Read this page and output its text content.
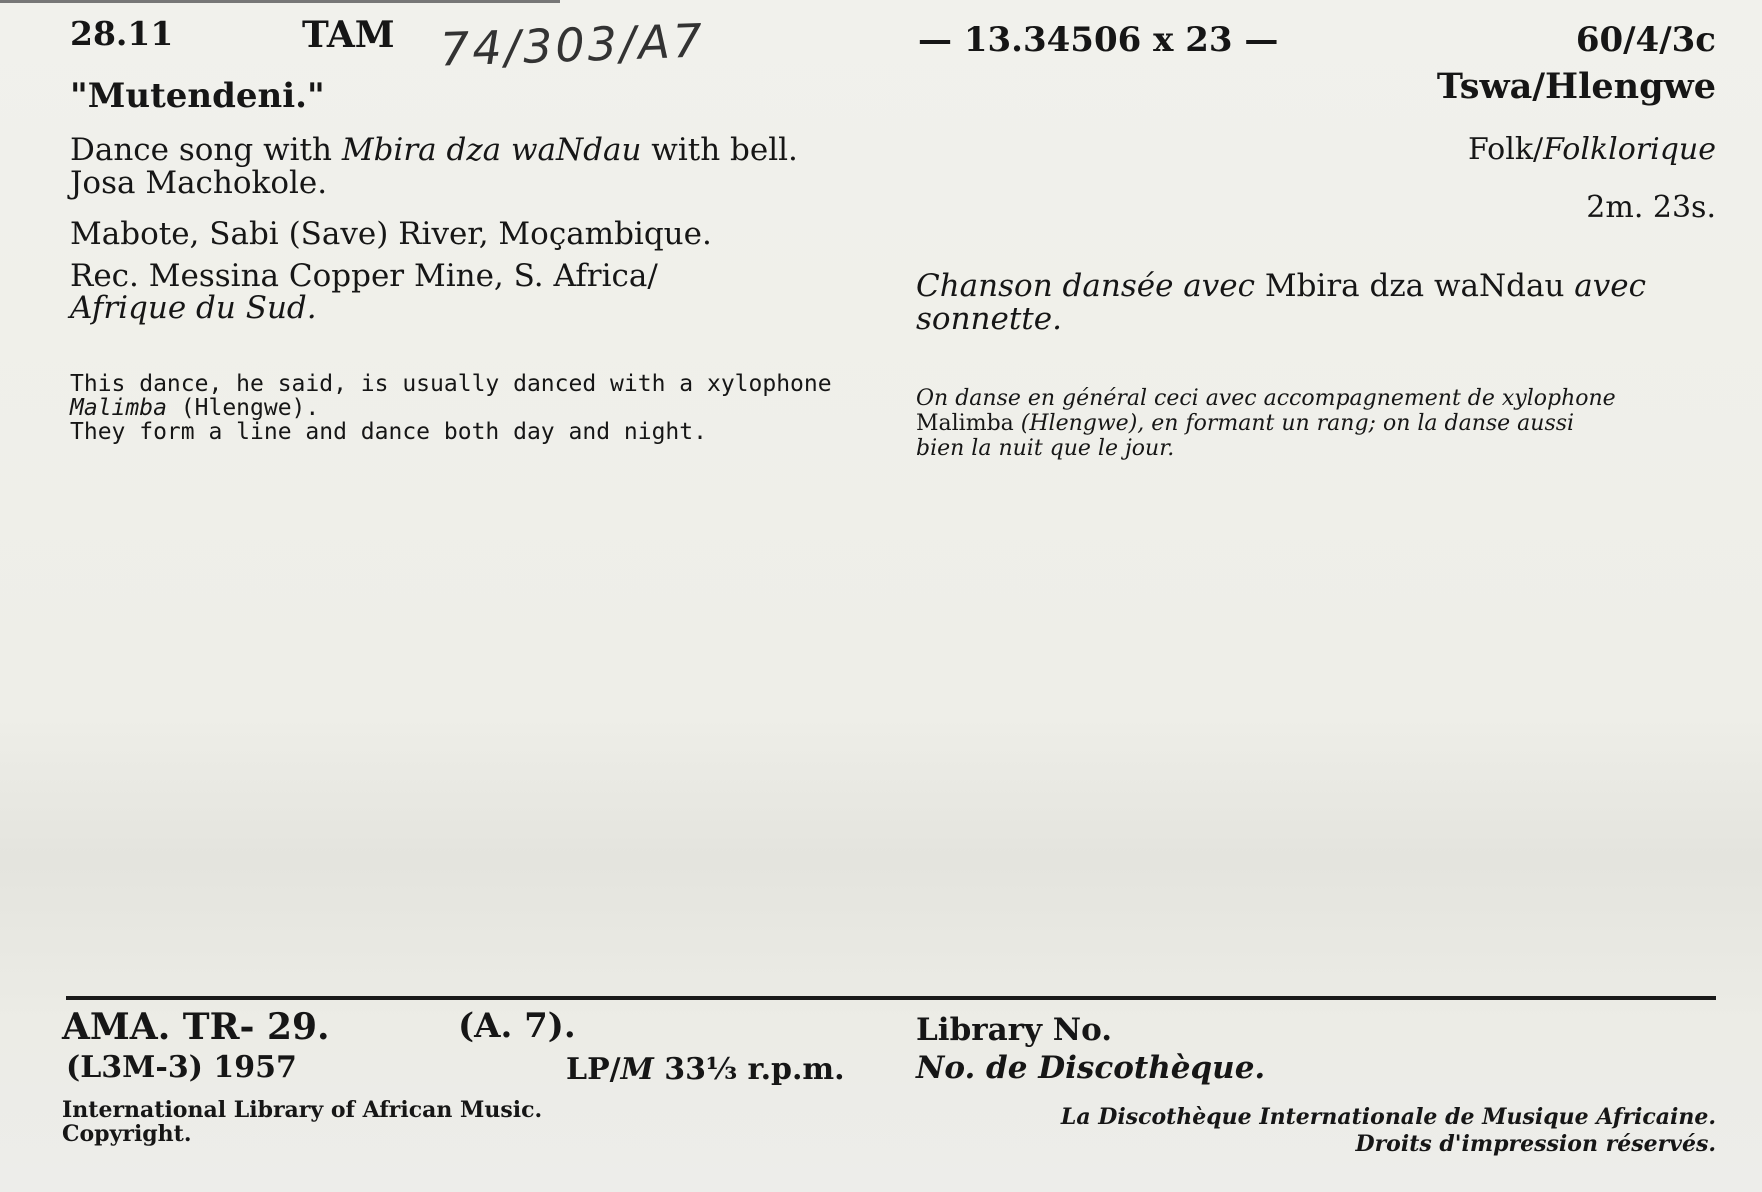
28.11	TAM 74/303/A7	— 13.34506 x 23 —	60/4/3c
"Mutendeni."	Tswa/Hlengwe
Dance song with Mbira dza waNdau with bell.
Josa Machokole.
Folk/Folklorique
2m. 23s.
Mabote, Sabi (Save) River, Moçambique.
Rec. Messina Copper Mine, S. Africa/
Afrique du Sud.
Chanson dansée avec Mbira dza waNdau avec
sonnette.
This dance, he said, is usually danced with a xylophone
Malimba (Hlengwe).
They form a line and dance both day and night.
On danse en général ceci avec accompagnement de xylophone
Malimba (Hlengwe), en formant un rang; on la danse aussi
bien la nuit que le jour.
AMA. TR- 29.	(A. 7).
(L3M-3) 1957	LP/M 33⅓ r.p.m.
Library No.
No. de Discothèque.
International Library of African Music.
Copyright.
La Discothèque Internationale de Musique Africaine.
Droits d'impression réservés.
